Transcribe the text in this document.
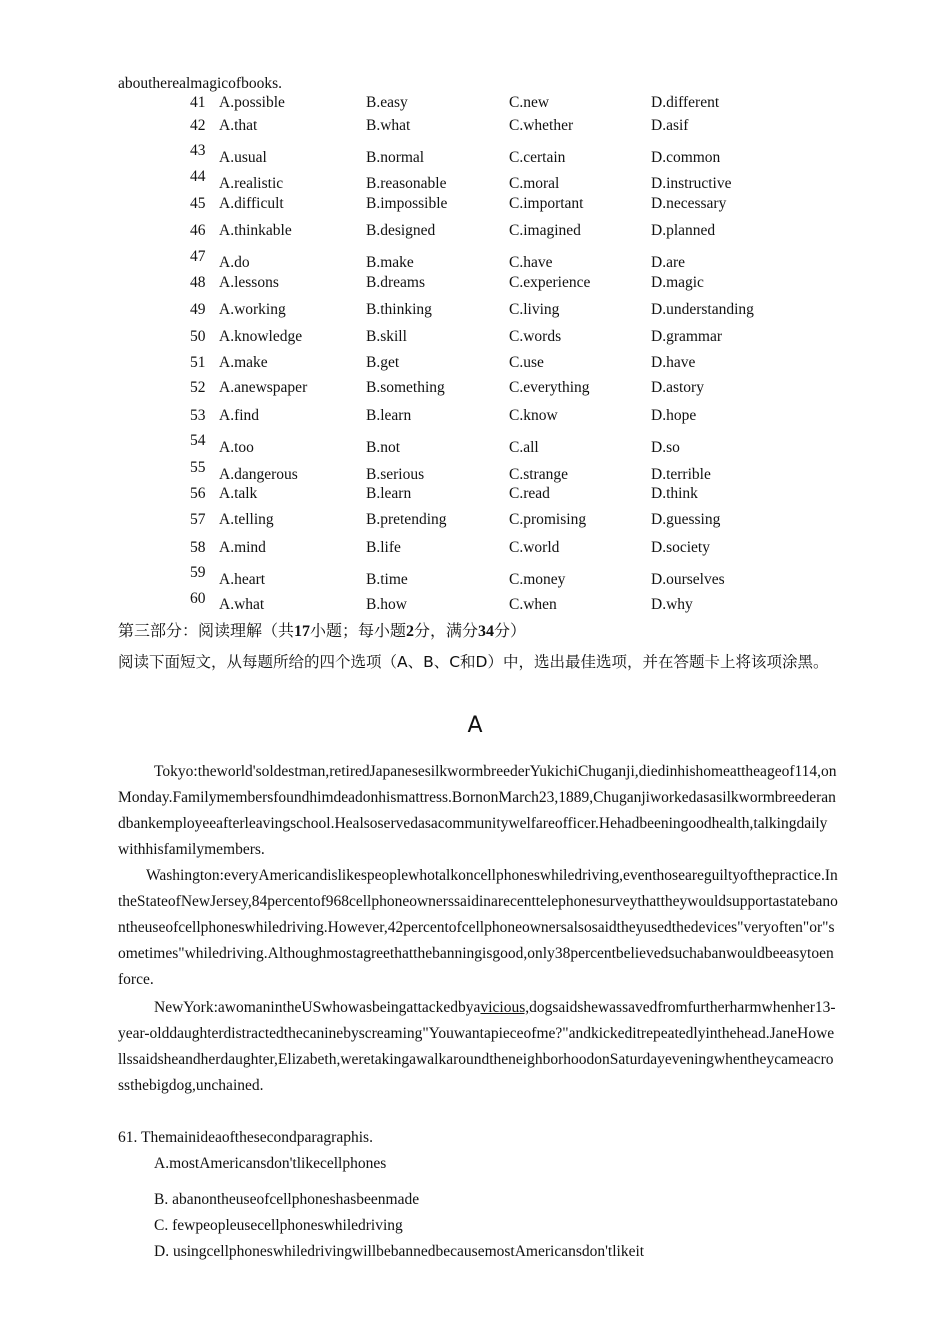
aboutherealmagicofbooks.
41 A.possible	B.easy	C.new	D.different
42 A.that	B.what	C.whether	D.asif
43 A.usual	B.normal	C.certain	D.common
44 A.realistic	B.reasonable	C.moral	D.instructive
45 A.difficult	B.impossible	C.important	D.necessary
46 A.thinkable	B.designed	C.imagined	D.planned
47 A.do	B.make	C.have	D.are
48 A.lessons	B.dreams	C.experience	D.magic
49 A.working	B.thinking	C.living	D.understanding
50 A.knowledge	B.skill	C.words	D.grammar
51 A.make	B.get	C.use	D.have
52 A.anewspaper	B.something	C.everything	D.astory
53 A.find	B.learn	C.know	D.hope
54 A.too	B.not	C.all	D.so
55 A.dangerous	B.serious	C.strange	D.terrible
56 A.talk	B.learn	C.read	D.think
57 A.telling	B.pretending	C.promising	D.guessing
58 A.mind	B.life	C.world	D.society
59 A.heart	B.time	C.money	D.ourselves
60 A.what	B.how	C.when	D.why
第三部分：阅读理解（共17小题；每小题2分，满分34分）
阅读下面短文，从每题所给的四个选项（A、B、C和D）中，选出最佳选项，并在答题卡上将该项涂黑。
A
Tokyo:theworld'soldestman,retiredJapanesesilkwormbreederYukichiChuganji,diedinhishomeattheageof114,onMonday.Familymembersfoundhimdeadonhismattress.BornonMarch23,1889,Chuganjiworkedasasilkwormbreederandbankemployeeafterleavingschool.Healsoservedasacommunitywelfareofficer.Hehadbeeningoodhealth,talkingdailywithhisfamilymembers.
Washington:everyAmericandislikespeoplewhotalkoncellphoneswhiledriving,eventhoseareguiltyofthepractice.IntheStateofNewJersey,84percentof968cellphoneownerssaidinarecenttelephonesurveythattheywouldsupportastatebanontheuseofcellphoneswhiledriving.However,42percentofcellphoneownersalsosaidtheyusedthedevices"veryoften"or"sometimes"whiledriving.Althoughmostagreethatthebanningisgood,only38percentbelievedsuchabanwouldbeeasytoenforce.
NewYork:awomanintheUSwhowasbeingattackedbyavicious,dogsaidshewassavedfromfurtherharmwhenher13-year-olddaughterdistractedthecaninebyscreaming"Youwantapieceofme?"andkickeditrepeatedlyinthehead.JaneHowellssaidsheandherdaughter,Elizabeth,weretakingawalkaroundtheneighborhoodonSaturdayeveningwhentheycameacrossthebigdog,unchained.
61. Themainideaofthesecondparagraphis.
A.mostAmericansdon'tlikecellphones
B. abanontheuseofcellphoneshasbeenmade
C. fewpeopleusecellphoneswhiledriving
D. usingcellphoneswhiledrivingwillbebannedbecausemostAmericansdon'tlikeit
